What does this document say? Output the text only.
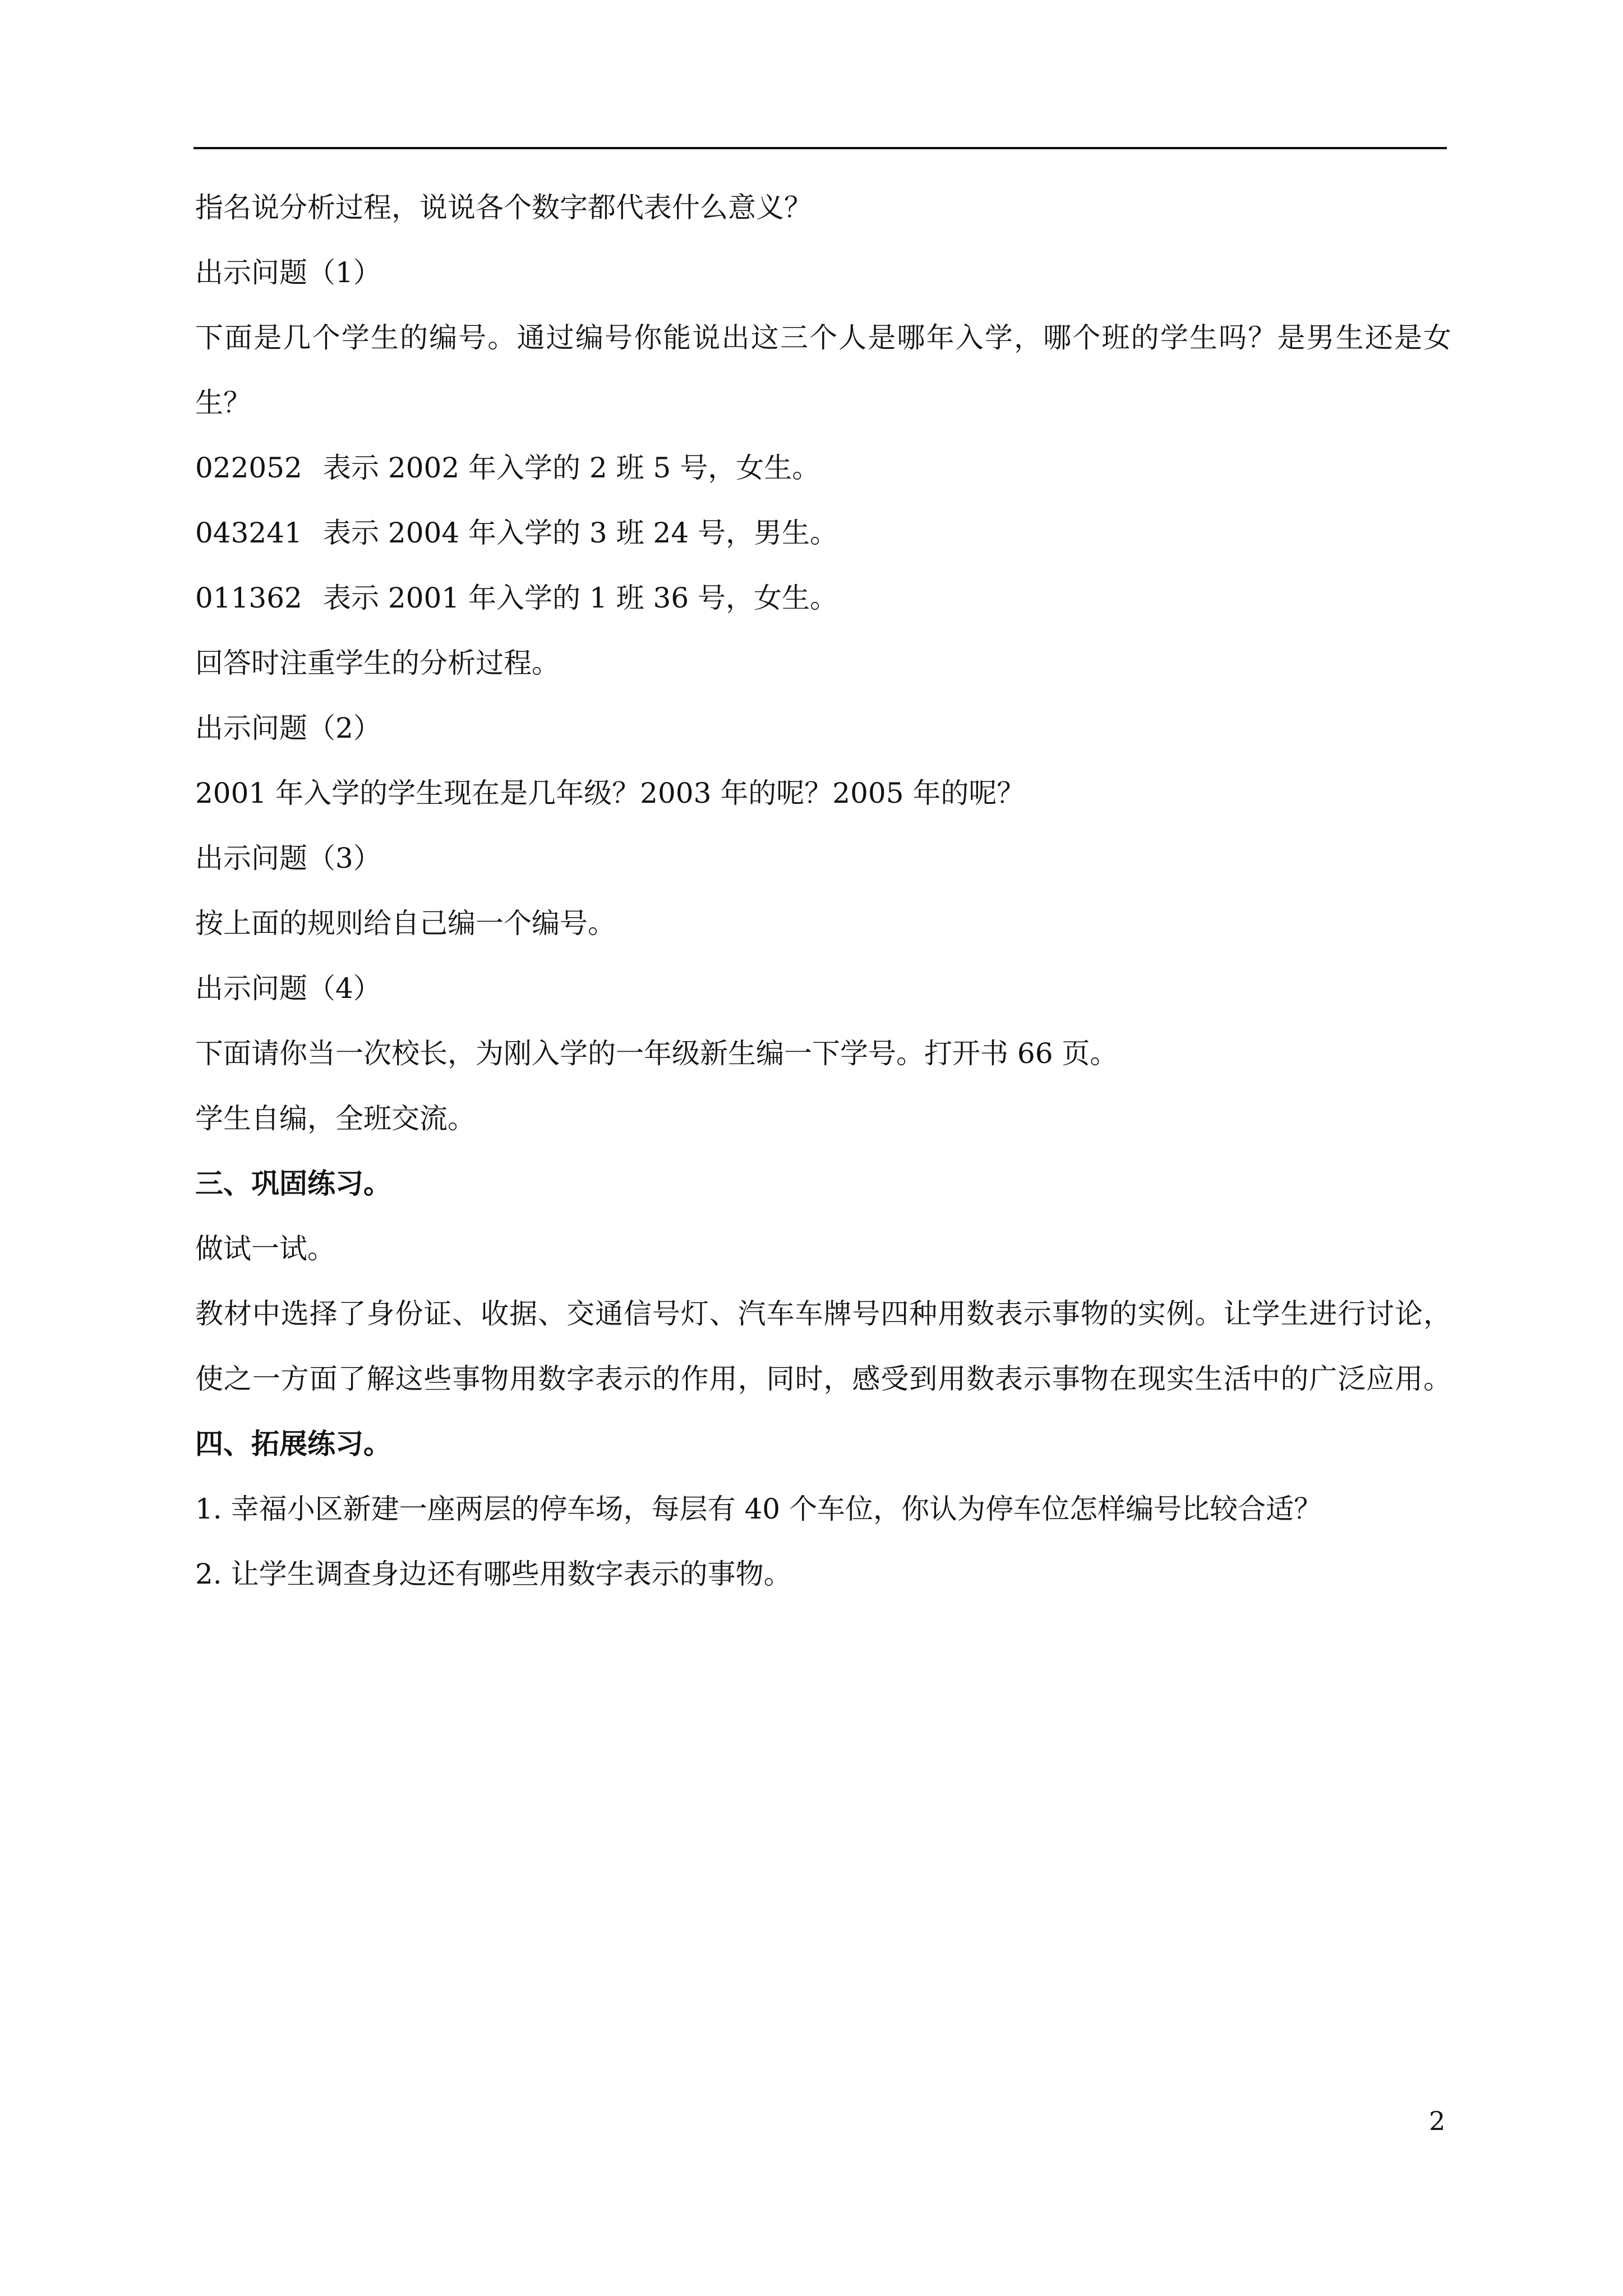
指名说分析过程，说说各个数字都代表什么意义？

出示问题（1）

下面是几个学生的编号。通过编号你能说出这三个人是哪年入学，哪个班的学生吗？是男生还是女

生？

022052 表示 2002 年入学的 2 班 5 号，女生。
043241 表示 2004 年入学的 3 班 24 号，男生。
011362 表示 2001 年入学的 1 班 36 号，女生。

回答时注重学生的分析过程。

出示问题（2）

2001 年入学的学生现在是几年级？2003 年的呢？2005 年的呢？

出示问题（3）

按上面的规则给自己编一个编号。

出示问题（4）

下面请你当一次校长，为刚入学的一年级新生编一下学号。打开书 66 页。

学生自编，全班交流。

三、巩固练习。

做试一试。

教材中选择了身份证、收据、交通信号灯、汽车车牌号四种用数表示事物的实例。让学生进行讨论，

使之一方面了解这些事物用数字表示的作用，同时，感受到用数表示事物在现实生活中的广泛应用。

四、拓展练习。

1. 幸福小区新建一座两层的停车场，每层有 40 个车位，你认为停车位怎样编号比较合适？

2. 让学生调查身边还有哪些用数字表示的事物。

2
